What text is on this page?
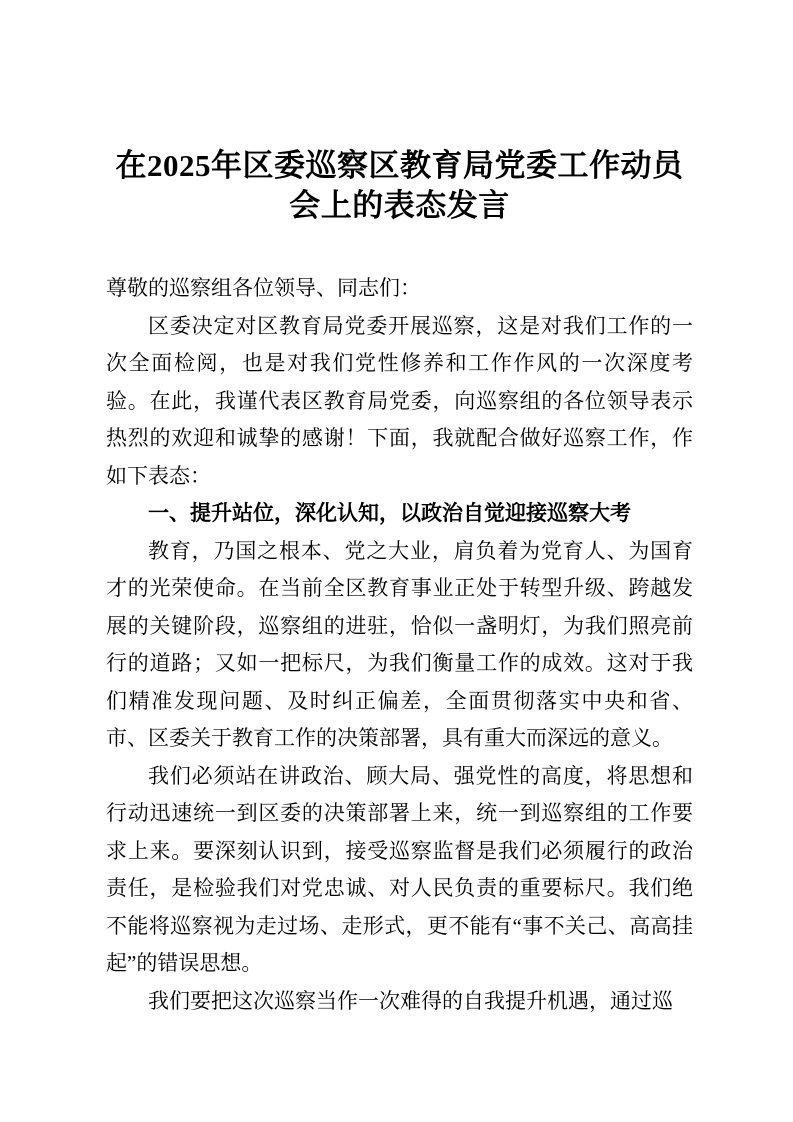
在2025年区委巡察区教育局党委工作动员会上的表态发言

尊敬的巡察组各位领导、同志们：

区委决定对区教育局党委开展巡察，这是对我们工作的一次全面检阅，也是对我们党性修养和工作作风的一次深度考验。在此，我谨代表区教育局党委，向巡察组的各位领导表示热烈的欢迎和诚挚的感谢！下面，我就配合做好巡察工作，作如下表态：

一、提升站位，深化认知，以政治自觉迎接巡察大考

教育，乃国之根本、党之大业，肩负着为党育人、为国育才的光荣使命。在当前全区教育事业正处于转型升级、跨越发展的关键阶段，巡察组的进驻，恰似一盏明灯，为我们照亮前行的道路；又如一把标尺，为我们衡量工作的成效。这对于我们精准发现问题、及时纠正偏差，全面贯彻落实中央和省、市、区委关于教育工作的决策部署，具有重大而深远的意义。

我们必须站在讲政治、顾大局、强党性的高度，将思想和行动迅速统一到区委的决策部署上来，统一到巡察组的工作要求上来。要深刻认识到，接受巡察监督是我们必须履行的政治责任，是检验我们对党忠诚、对人民负责的重要标尺。我们绝不能将巡察视为走过场、走形式，更不能有“事不关己、高高挂起”的错误思想。

我们要把这次巡察当作一次难得的自我提升机遇，通过巡
